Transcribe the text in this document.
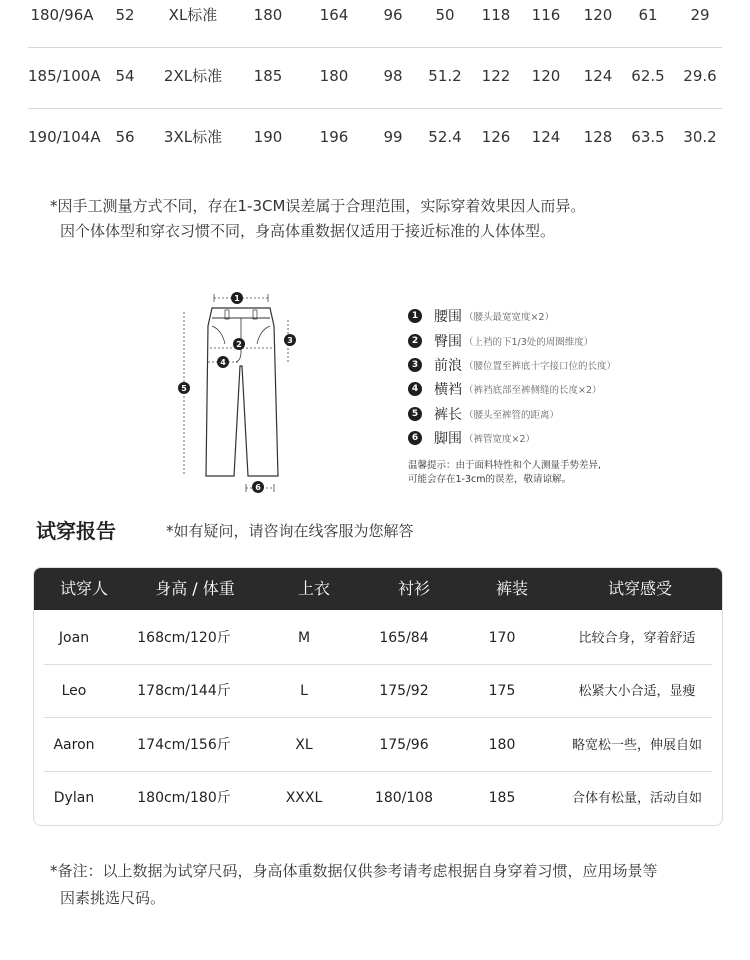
180/96A	52	XL标准	180	164	96	50	118	116	120	61	29
185/100A 54	2XL标准	185	180	98	51.2	122	120	124	62.5	29.6
190/104A 56	3XL标准	190	196	99	52.4	126	124	128	63.5	30.2
*因手工测量方式不同，存在1-3CM误差属于合理范围，实际穿着效果因人而异。
因个体体型和穿衣习惯不同，身高体重数据仅适用于接近标准的人体体型。
1
2	3
4
5
6
1 腰围 （腰头最宽宽度×2）
2 臀围 （上裆的下1/3处的周圈维度）
3 前浪 （腰位置至裤底十字接口位的长度）
4 横裆 （裤裆底部至裤侧缝的长度×2）
5 裤长 （腰头至裤管的距离）
6 脚围 （裤管宽度×2）
温馨提示：由于面料特性和个人测量手势差异,
可能会存在1-3cm的误差，敬请谅解。
试穿报告	*如有疑问，请咨询在线客服为您解答
试穿人	身高 / 体重	上衣	衬衫	裤装	试穿感受
Joan	168cm/120斤	M	165/84	170	比较合身，穿着舒适
Leo	178cm/144斤	L	175/92	175	松紧大小合适，显瘦
Aaron	174cm/156斤	XL	175/96	180	略宽松一些，伸展自如
Dylan	180cm/180斤	XXXL	180/108	185	合体有松量，活动自如
*备注：以上数据为试穿尺码，身高体重数据仅供参考请考虑根据自身穿着习惯，应用场景等
因素挑选尺码。
